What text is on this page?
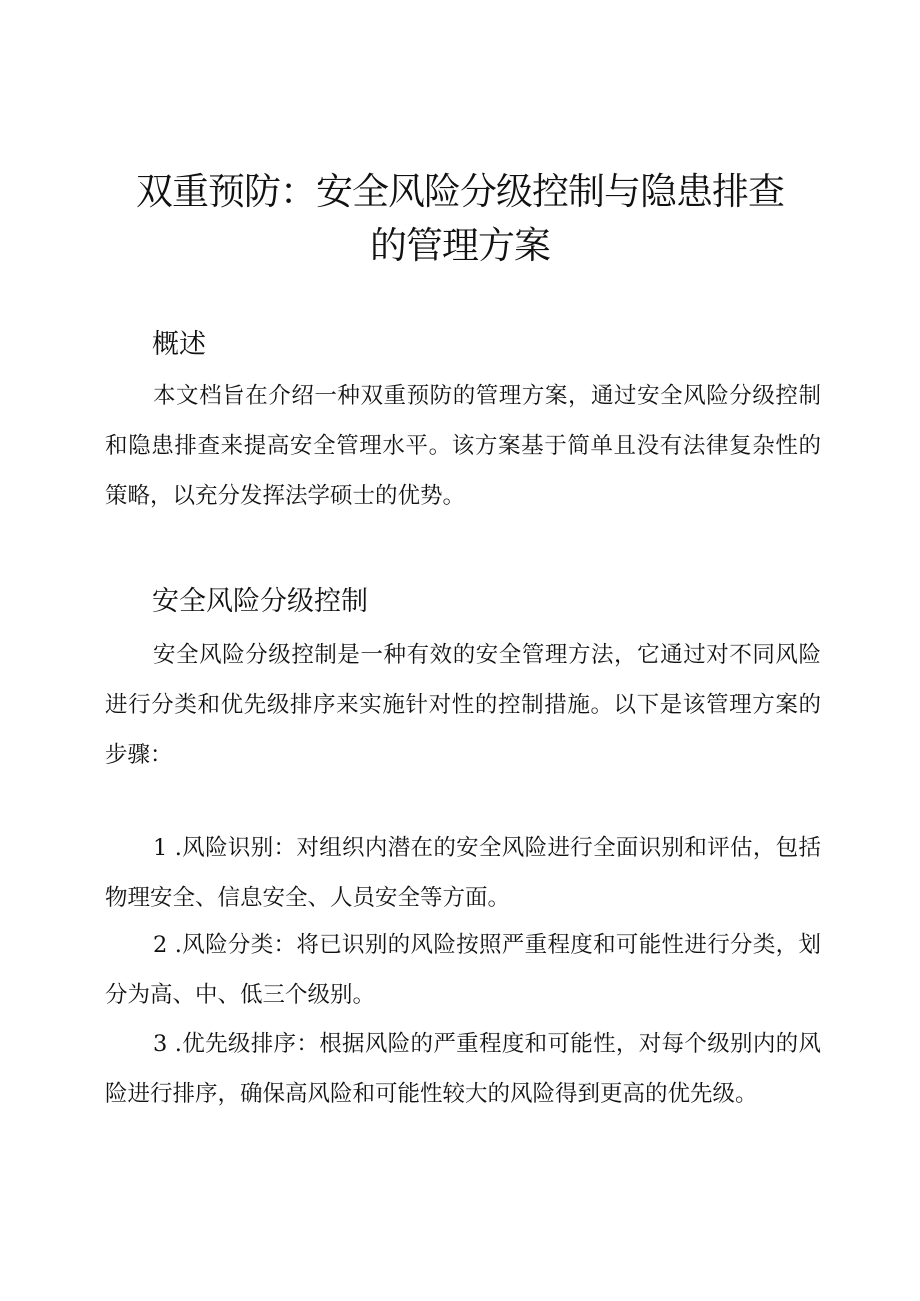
双重预防：安全风险分级控制与隐患排查
的管理方案
概述

本文档旨在介绍一种双重预防的管理方案，通过安全风险分级控制和隐患排查来提高安全管理水平。该方案基于简单且没有法律复杂性的策略，以充分发挥法学硕士的优势。

安全风险分级控制

安全风险分级控制是一种有效的安全管理方法，它通过对不同风险进行分类和优先级排序来实施针对性的控制措施。以下是该管理方案的步骤：

1 .风险识别：对组织内潜在的安全风险进行全面识别和评估，包括物理安全、信息安全、人员安全等方面。

2 .风险分类：将已识别的风险按照严重程度和可能性进行分类，划分为高、中、低三个级别。

3 .优先级排序：根据风险的严重程度和可能性，对每个级别内的风险进行排序，确保高风险和可能性较大的风险得到更高的优先级。
